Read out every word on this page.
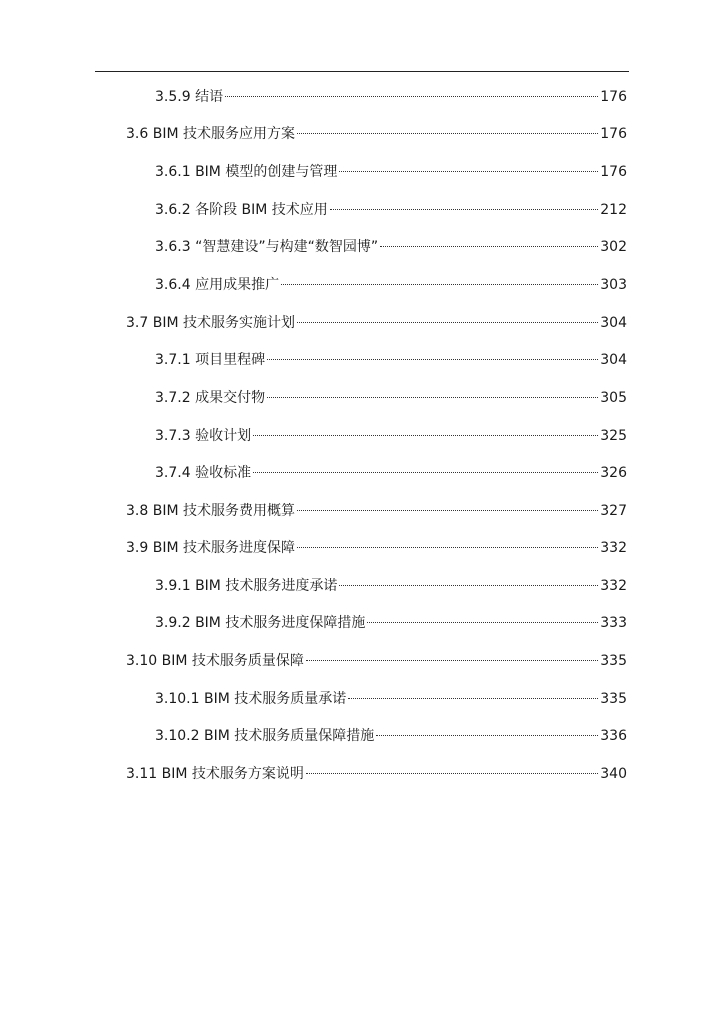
3.5.9 结语	176
3.6 BIM 技术服务应用方案	176
3.6.1 BIM 模型的创建与管理	176
3.6.2 各阶段 BIM 技术应用	212
3.6.3 “智慧建设”与构建“数智园博”	302
3.6.4 应用成果推广	303
3.7 BIM 技术服务实施计划	304
3.7.1 项目里程碑	304
3.7.2 成果交付物	305
3.7.3 验收计划	325
3.7.4 验收标准	326
3.8 BIM 技术服务费用概算	327
3.9 BIM 技术服务进度保障	332
3.9.1 BIM 技术服务进度承诺	332
3.9.2 BIM 技术服务进度保障措施	333
3.10 BIM 技术服务质量保障	335
3.10.1 BIM 技术服务质量承诺	335
3.10.2 BIM 技术服务质量保障措施	336
3.11 BIM 技术服务方案说明	340
